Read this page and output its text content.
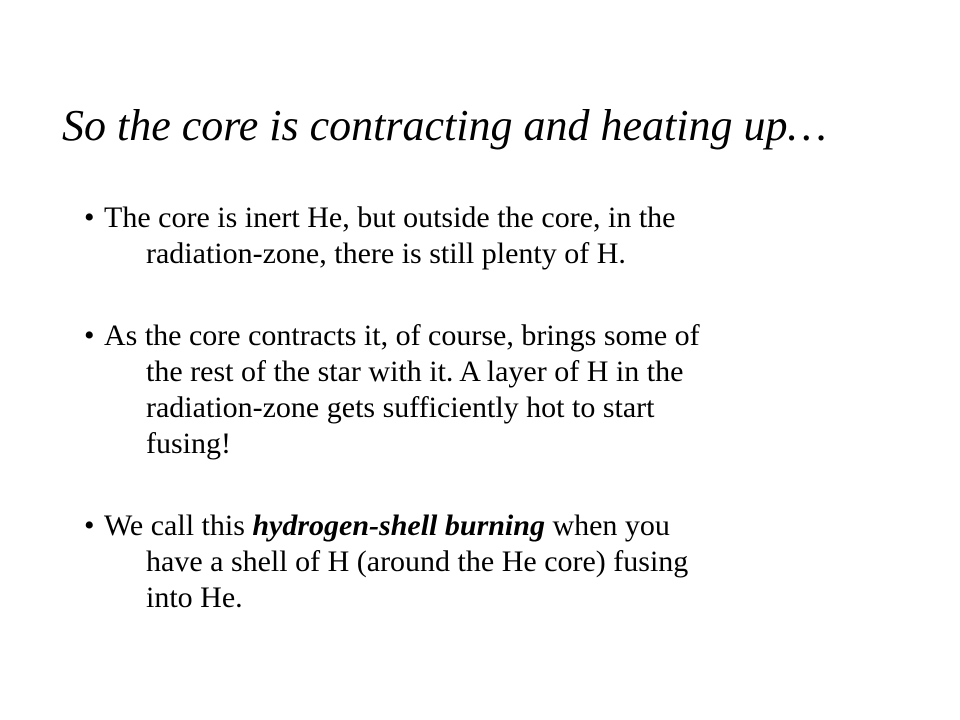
So the core is contracting and heating up…
• The core is inert He, but outside the core, in the
radiation-zone, there is still plenty of H.
• As the core contracts it, of course, brings some of
the rest of the star with it. A layer of H in the
radiation-zone gets sufficiently hot to start
fusing!
• We call this hydrogen-shell burning when you
have a shell of H (around the He core) fusing
into He.
